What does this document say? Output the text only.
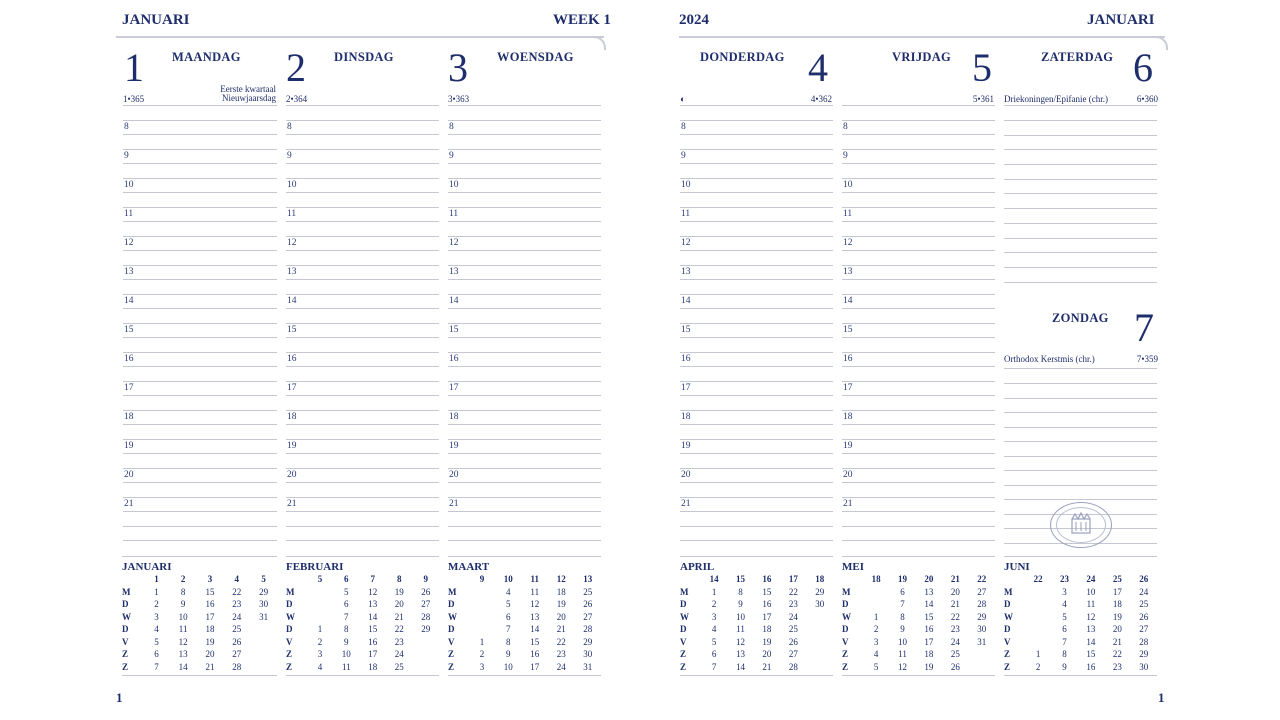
JANUARI	WEEK 1	2024	JANUARI
1 MAANDAG
1•365
Eerste kwartaal
Nieuwjaarsdag
2 DINSDAG
2•364
3 WOENSDAG
3•363
DONDERDAG 4
◐	4•362
VRIJDAG 5
5•361
ZATERDAG 6
Driekoningen/Epifanie (chr.)	6•360
ZONDAG 7
Orthodox Kerstmis (chr.)	7•359
8
9
10
11
12
13
14
15
16
17
18
19
20
21
8
9
10
11
12
13
14
15
16
17
18
19
20
21
8
9
10
11
12
13
14
15
16
17
18
19
20
21
8
9
10
11
12
13
14
15
16
17
18
19
20
21
8
9
10
11
12
13
14
15
16
17
18
19
20
21
JANUARI
	1	2	3	4	5
M	1	8	15	22	29
D	2	9	16	23	30
W	3	10	17	24	31
D	4	11	18	25	
V	5	12	19	26	
Z	6	13	20	27	
Z	7	14	21	28	
FEBRUARI
	5	6	7	8	9
M		5	12	19	26
D		6	13	20	27
W		7	14	21	28
D	1	8	15	22	29
V	2	9	16	23	
Z	3	10	17	24	
Z	4	11	18	25	
MAART
	9	10	11	12	13
M		4	11	18	25
D		5	12	19	26
W		6	13	20	27
D		7	14	21	28
V	1	8	15	22	29
Z	2	9	16	23	30
Z	3	10	17	24	31
APRIL
	14	15	16	17	18
M	1	8	15	22	29
D	2	9	16	23	30
W	3	10	17	24	
D	4	11	18	25	
V	5	12	19	26	
Z	6	13	20	27	
Z	7	14	21	28	
MEI
	18	19	20	21	22
M		6	13	20	27
D		7	14	21	28
W	1	8	15	22	29
D	2	9	16	23	30
V	3	10	17	24	31
Z	4	11	18	25	
Z	5	12	19	26	
JUNI
	22	23	24	25	26
M		3	10	17	24
D		4	11	18	25
W		5	12	19	26
D		6	13	20	27
V		7	14	21	28
Z	1	8	15	22	29
Z	2	9	16	23	30
1	1
